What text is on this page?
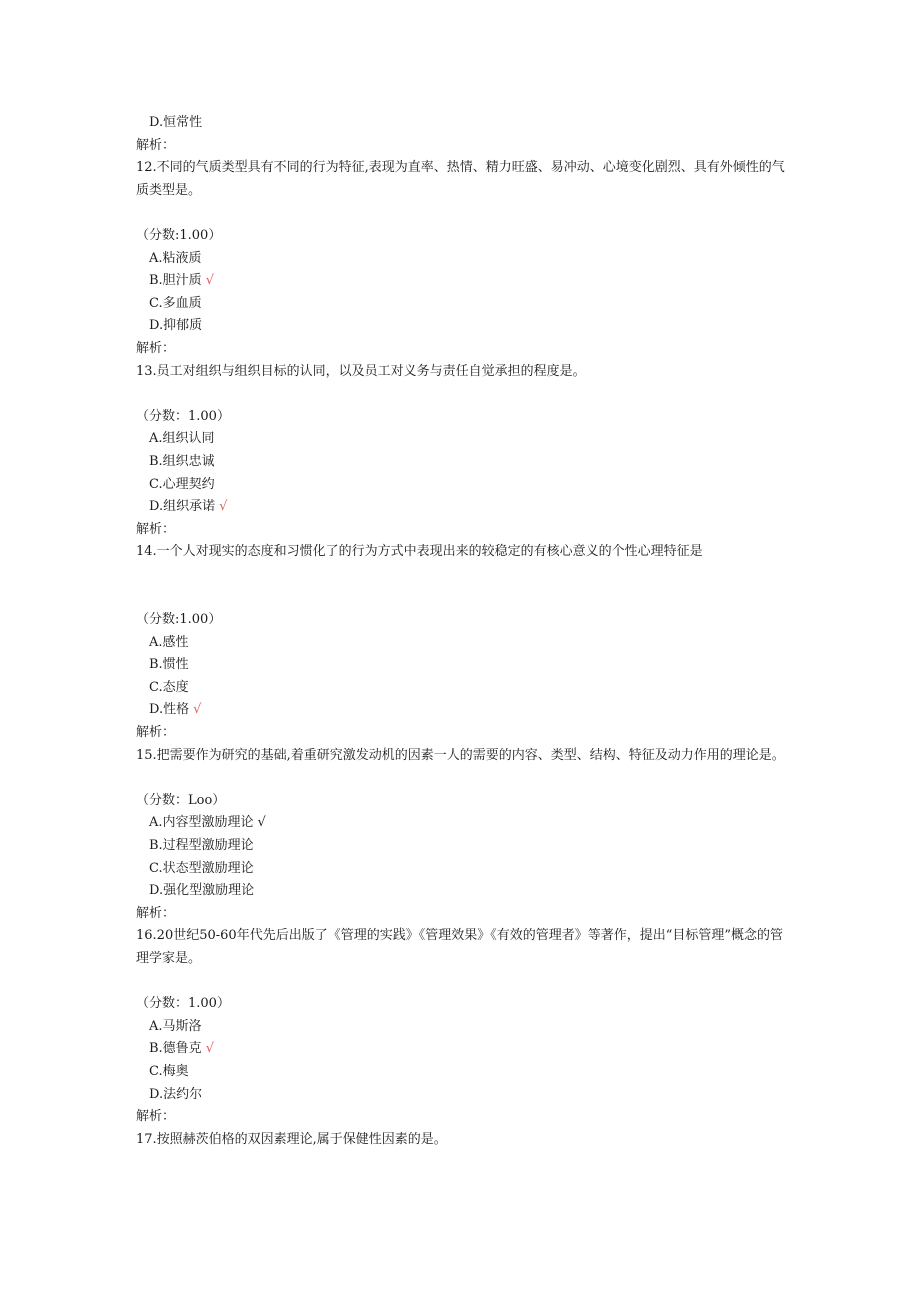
D.恒常性
解析：
12.不同的气质类型具有不同的行为特征,表现为直率、热情、精力旺盛、易冲动、心境变化剧烈、具有外倾性的气质类型是。
（分数:1.00）
A.粘液质
B.胆汁质 √
C.多血质
D.抑郁质
解析：
13.员工对组织与组织目标的认同，以及员工对义务与责任自觉承担的程度是。
（分数：1.00）
A.组织认同
B.组织忠诚
C.心理契约
D.组织承诺 √
解析：
14.一个人对现实的态度和习惯化了的行为方式中表现出来的较稳定的有核心意义的个性心理特征是
（分数:1.00）
A.感性
B.惯性
C.态度
D.性格 √
解析：
15.把需要作为研究的基础,着重研究激发动机的因素一人的需要的内容、类型、结构、特征及动力作用的理论是。
（分数：Loo）
A.内容型激励理论 √
B.过程型激励理论
C.状态型激励理论
D.强化型激励理论
解析：
16.20世纪50-60年代先后出版了《管理的实践》《管理效果》《有效的管理者》等著作，提出“目标管理”概念的管理学家是。
（分数：1.00）
A.马斯洛
B.德鲁克 √
C.梅奥
D.法约尔
解析：
17.按照赫茨伯格的双因素理论,属于保健性因素的是。
